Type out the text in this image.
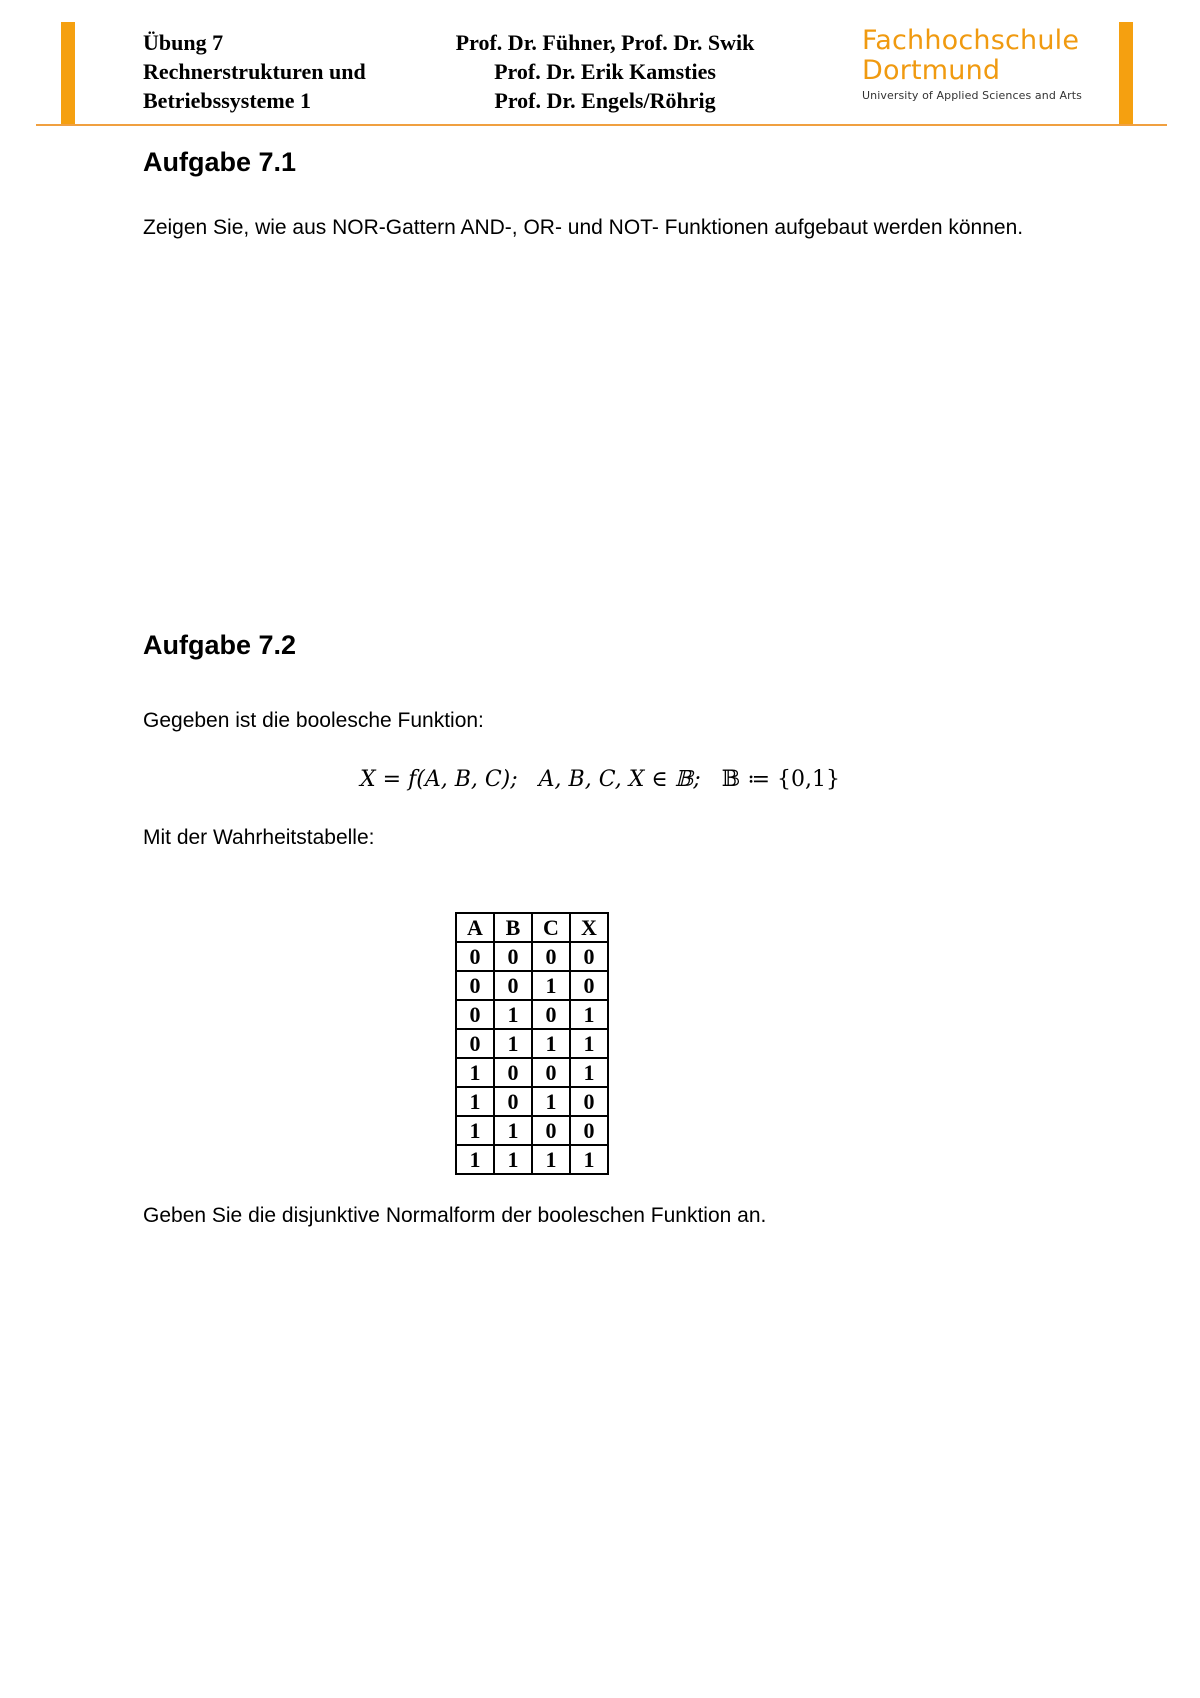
Übung 7
Rechnerstrukturen und
Betriebssysteme 1
Prof. Dr. Fühner, Prof. Dr. Swik
Prof. Dr. Erik Kamsties
Prof. Dr. Engels/Röhrig
Fachhochschule
Dortmund
University of Applied Sciences and Arts
Aufgabe 7.1
Zeigen Sie, wie aus NOR-Gattern AND-, OR- und NOT- Funktionen aufgebaut werden können.
Aufgabe 7.2
Gegeben ist die boolesche Funktion:
X = f(A, B, C); A, B, C, X ∈ 𝔹; 𝔹 ≔ {0,1}
Mit der Wahrheitstabelle:
A	B	C	X
0	0	0	0
0	0	1	0
0	1	0	1
0	1	1	1
1	0	0	1
1	0	1	0
1	1	0	0
1	1	1	1
Geben Sie die disjunktive Normalform der booleschen Funktion an.
